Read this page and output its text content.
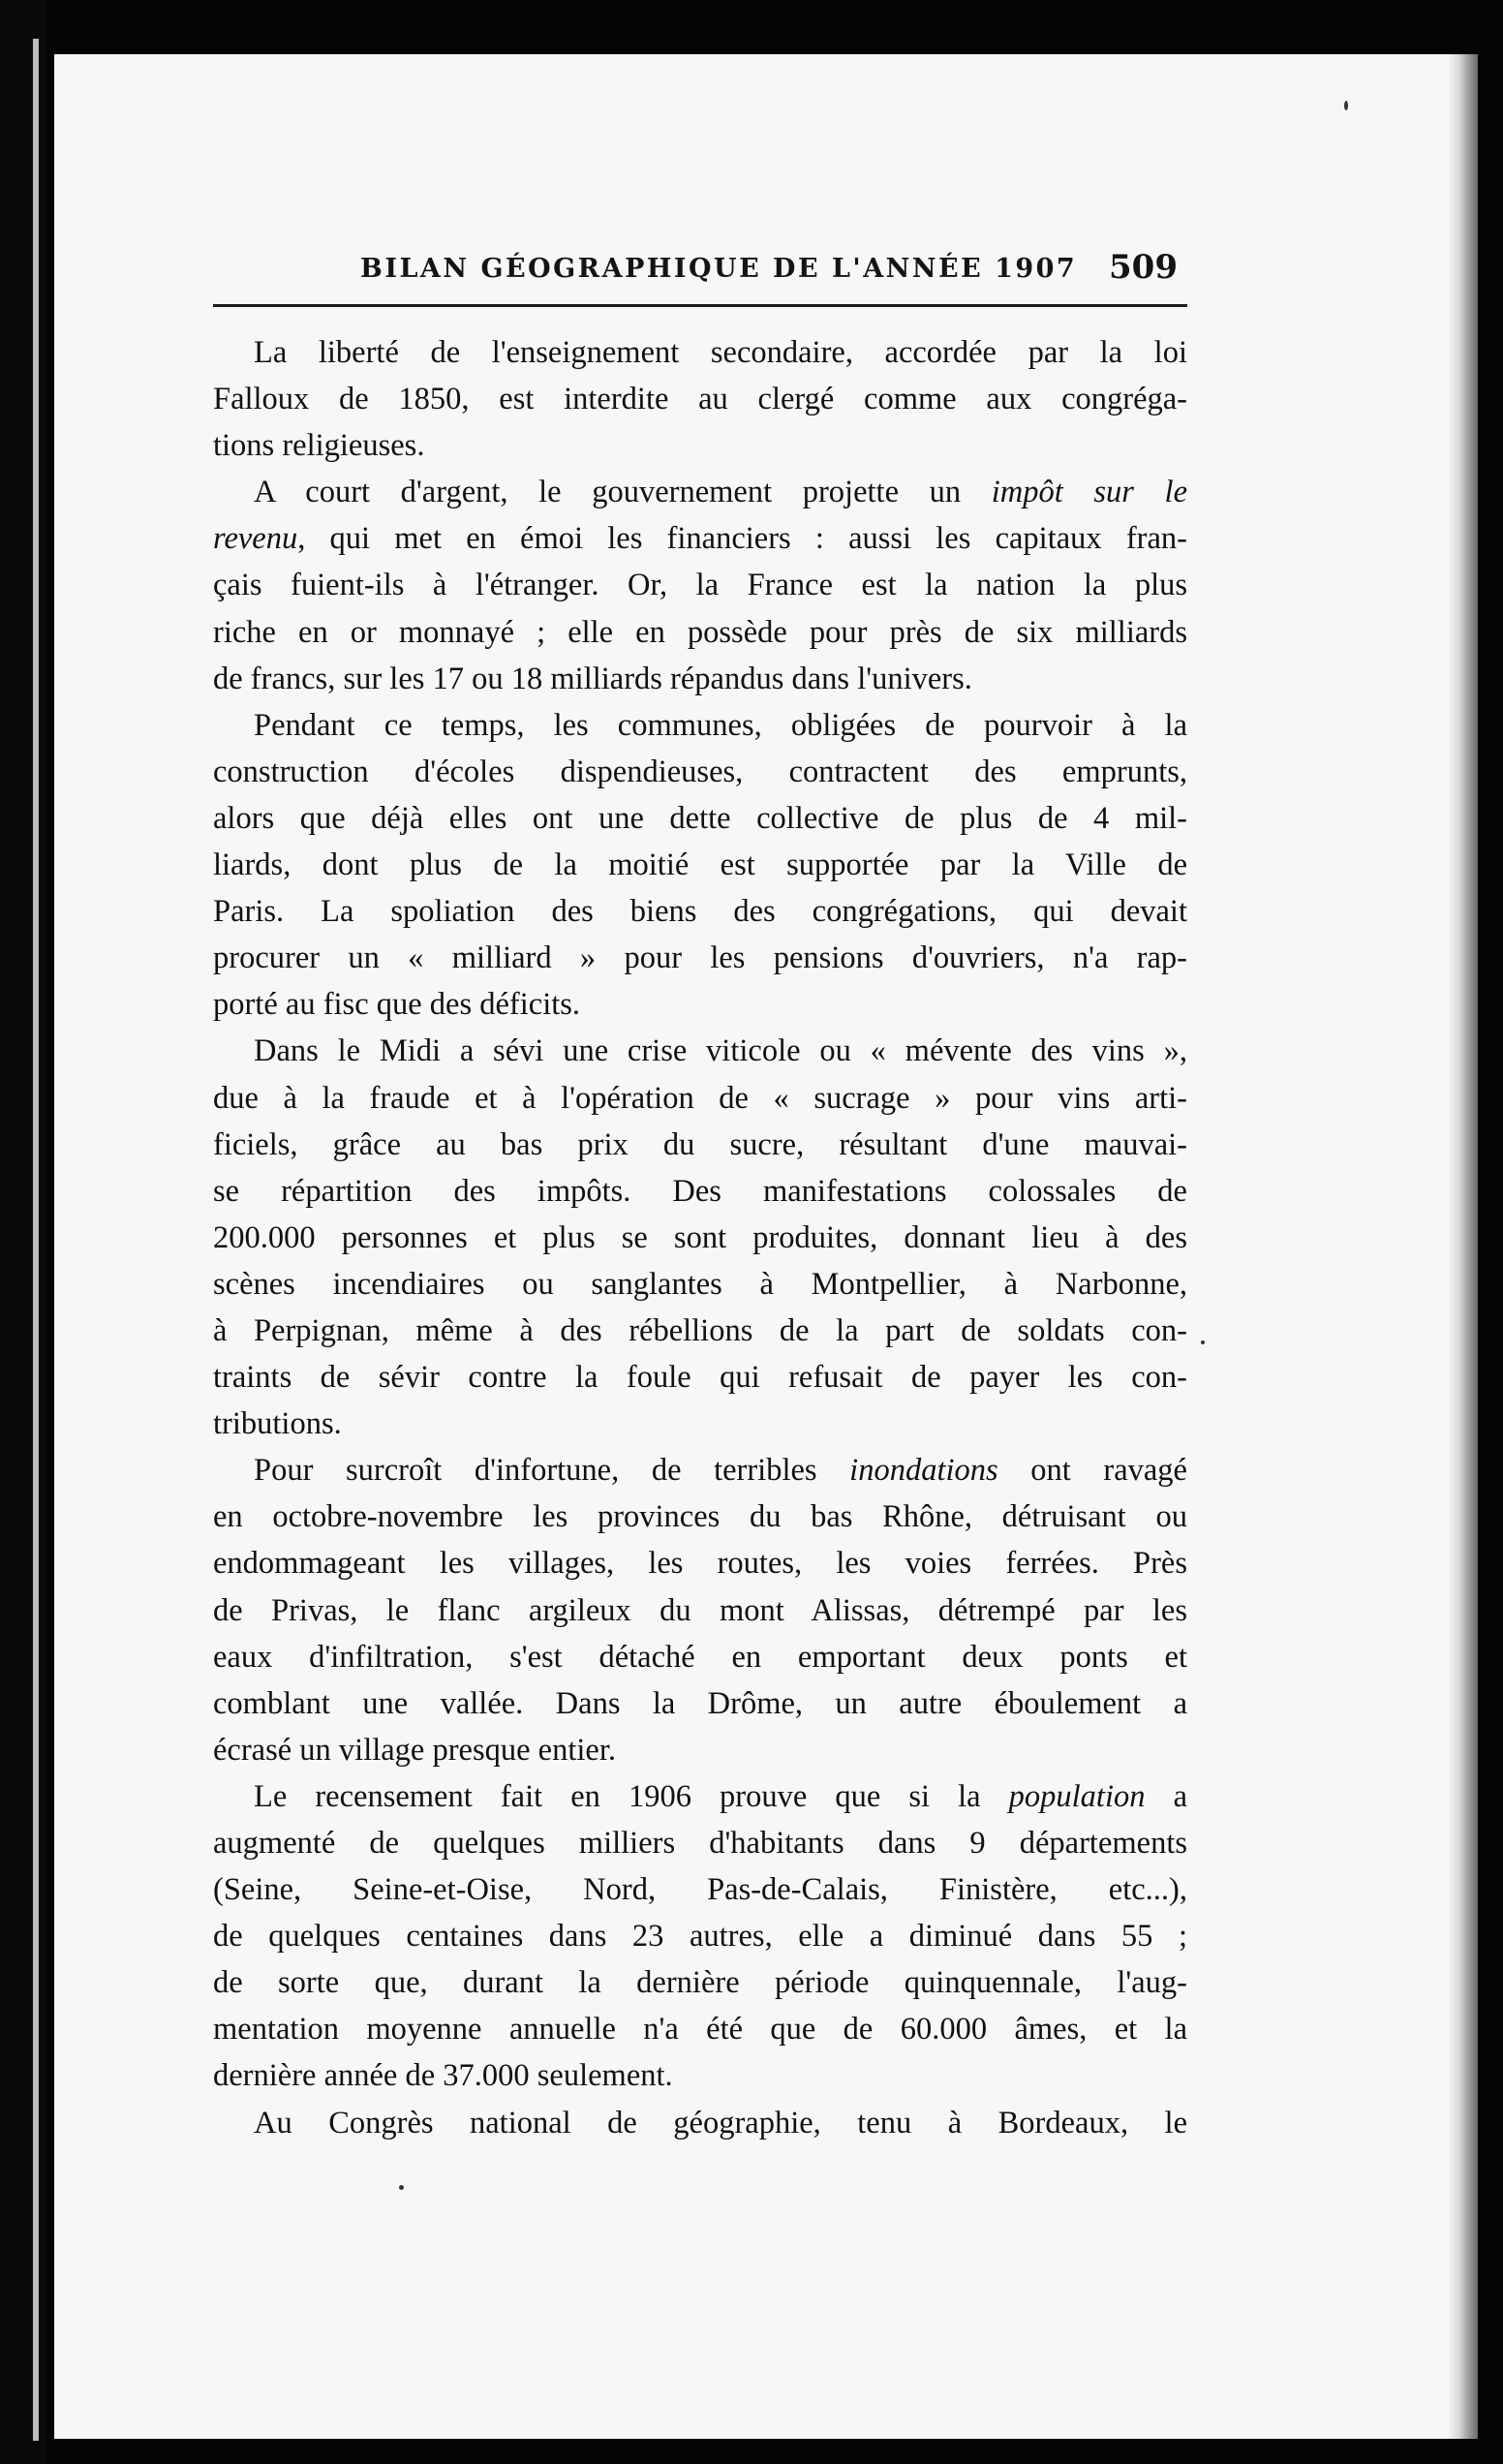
BILAN GÉOGRAPHIQUE DE L'ANNÉE 1907 509

La liberté de l'enseignement secondaire, accordée par la loi
Falloux de 1850, est interdite au clergé comme aux congréga-
tions religieuses.

A court d'argent, le gouvernement projette un impôt sur le
revenu, qui met en émoi les financiers : aussi les capitaux fran-
çais fuient-ils à l'étranger. Or, la France est la nation la plus
riche en or monnayé ; elle en possède pour près de six milliards
de francs, sur les 17 ou 18 milliards répandus dans l'univers.

Pendant ce temps, les communes, obligées de pourvoir à la
construction d'écoles dispendieuses, contractent des emprunts,
alors que déjà elles ont une dette collective de plus de 4 mil-
liards, dont plus de la moitié est supportée par la Ville de
Paris. La spoliation des biens des congrégations, qui devait
procurer un « milliard » pour les pensions d'ouvriers, n'a rap-
porté au fisc que des déficits.

Dans le Midi a sévi une crise viticole ou « mévente des vins »,
due à la fraude et à l'opération de « sucrage » pour vins arti-
ficiels, grâce au bas prix du sucre, résultant d'une mauvai-
se répartition des impôts. Des manifestations colossales de
200.000 personnes et plus se sont produites, donnant lieu à des
scènes incendiaires ou sanglantes à Montpellier, à Narbonne,
à Perpignan, même à des rébellions de la part de soldats con-
traints de sévir contre la foule qui refusait de payer les con-
tributions.

Pour surcroît d'infortune, de terribles inondations ont ravagé
en octobre-novembre les provinces du bas Rhône, détruisant ou
endommageant les villages, les routes, les voies ferrées. Près
de Privas, le flanc argileux du mont Alissas, détrempé par les
eaux d'infiltration, s'est détaché en emportant deux ponts et
comblant une vallée. Dans la Drôme, un autre éboulement a
écrasé un village presque entier.

Le recensement fait en 1906 prouve que si la population a
augmenté de quelques milliers d'habitants dans 9 départements
(Seine, Seine-et-Oise, Nord, Pas-de-Calais, Finistère, etc...),
de quelques centaines dans 23 autres, elle a diminué dans 55 ;
de sorte que, durant la dernière période quinquennale, l'aug-
mentation moyenne annuelle n'a été que de 60.000 âmes, et la
dernière année de 37.000 seulement.

Au Congrès national de géographie, tenu à Bordeaux, le
